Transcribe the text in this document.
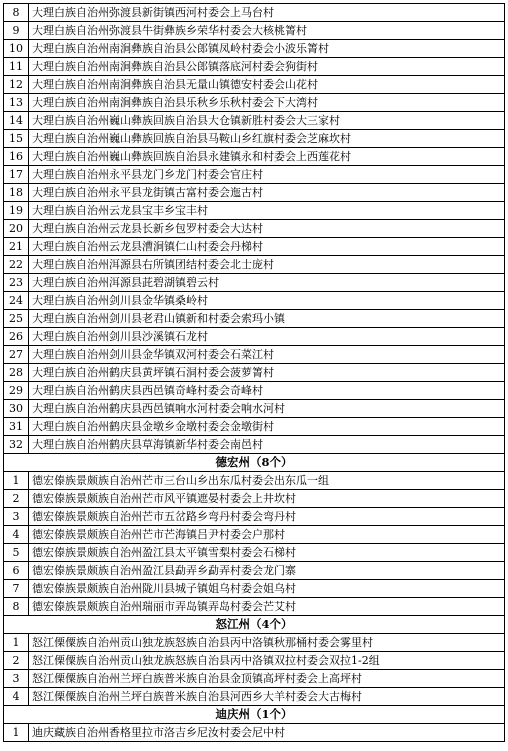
8	大理白族自治州弥渡县新街镇西河村委会上马台村
9	大理白族自治州弥渡县牛街彝族乡荣华村委会大核桃箐村
10	大理白族自治州南涧彝族自治县公郎镇凤岭村委会小波乐箐村
11	大理白族自治州南涧彝族自治县公郎镇落底河村委会狗街村
12	大理白族自治州南涧彝族自治县无量山镇德安村委会山花村
13	大理白族自治州南涧彝族自治县乐秋乡乐秋村委会下大湾村
14	大理白族自治州巍山彝族回族自治县大仓镇新胜村委会大三家村
15	大理白族自治州巍山彝族回族自治县马鞍山乡红旗村委会芝麻坎村
16	大理白族自治州巍山彝族回族自治县永建镇永和村委会上西莲花村
17	大理白族自治州永平县龙门乡龙门村委会官庄村
18	大理白族自治州永平县龙街镇古富村委会迤古村
19	大理白族自治州云龙县宝丰乡宝丰村
20	大理白族自治州云龙县长新乡包罗村委会大达村
21	大理白族自治州云龙县漕涧镇仁山村委会丹梯村
22	大理白族自治州洱源县右所镇团结村委会北士庞村
23	大理白族自治州洱源县茈碧湖镇碧云村
24	大理白族自治州剑川县金华镇桑岭村
25	大理白族自治州剑川县老君山镇新和村委会索玛小镇
26	大理白族自治州剑川县沙溪镇石龙村
27	大理白族自治州剑川县金华镇双河村委会石菜江村
28	大理白族自治州鹤庆县黄坪镇石洞村委会菠萝箐村
29	大理白族自治州鹤庆县西邑镇奇峰村委会奇峰村
30	大理白族自治州鹤庆县西邑镇响水河村委会响水河村
31	大理白族自治州鹤庆县金墩乡金墩村委会金墩街村
32	大理白族自治州鹤庆县草海镇新华村委会南邑村
德宏州（8个）	
1	德宏傣族景颇族自治州芒市三台山乡出东瓜村委会出东瓜一组
2	德宏傣族景颇族自治州芒市风平镇遮晏村委会上井坎村
3	德宏傣族景颇族自治州芒市五岔路乡弯丹村委会弯丹村
4	德宏傣族景颇族自治州芒市芒海镇吕尹村委会户那村
5	德宏傣族景颇族自治州盈江县太平镇雪梨村委会石梯村
6	德宏傣族景颇族自治州盈江县勐弄乡勐弄村委会龙门寨
7	德宏傣族景颇族自治州陇川县城子镇姐乌村委会姐乌村
8	德宏傣族景颇族自治州瑞丽市弄岛镇弄岛村委会芒艾村
怒江州（4个）	
1	怒江傈僳族自治州贡山独龙族怒族自治县丙中洛镇秋那桶村委会雾里村
2	怒江傈僳族自治州贡山独龙族怒族自治县丙中洛镇双拉村委会双拉1-2组
3	怒江傈僳族自治州兰坪白族普米族自治县金顶镇高坪村委会上高坪村
4	怒江傈僳族自治州兰坪白族普米族自治县河西乡大羊村委会大古梅村
迪庆州（1个）	
1	迪庆藏族自治州香格里拉市洛吉乡尼汝村委会尼中村
